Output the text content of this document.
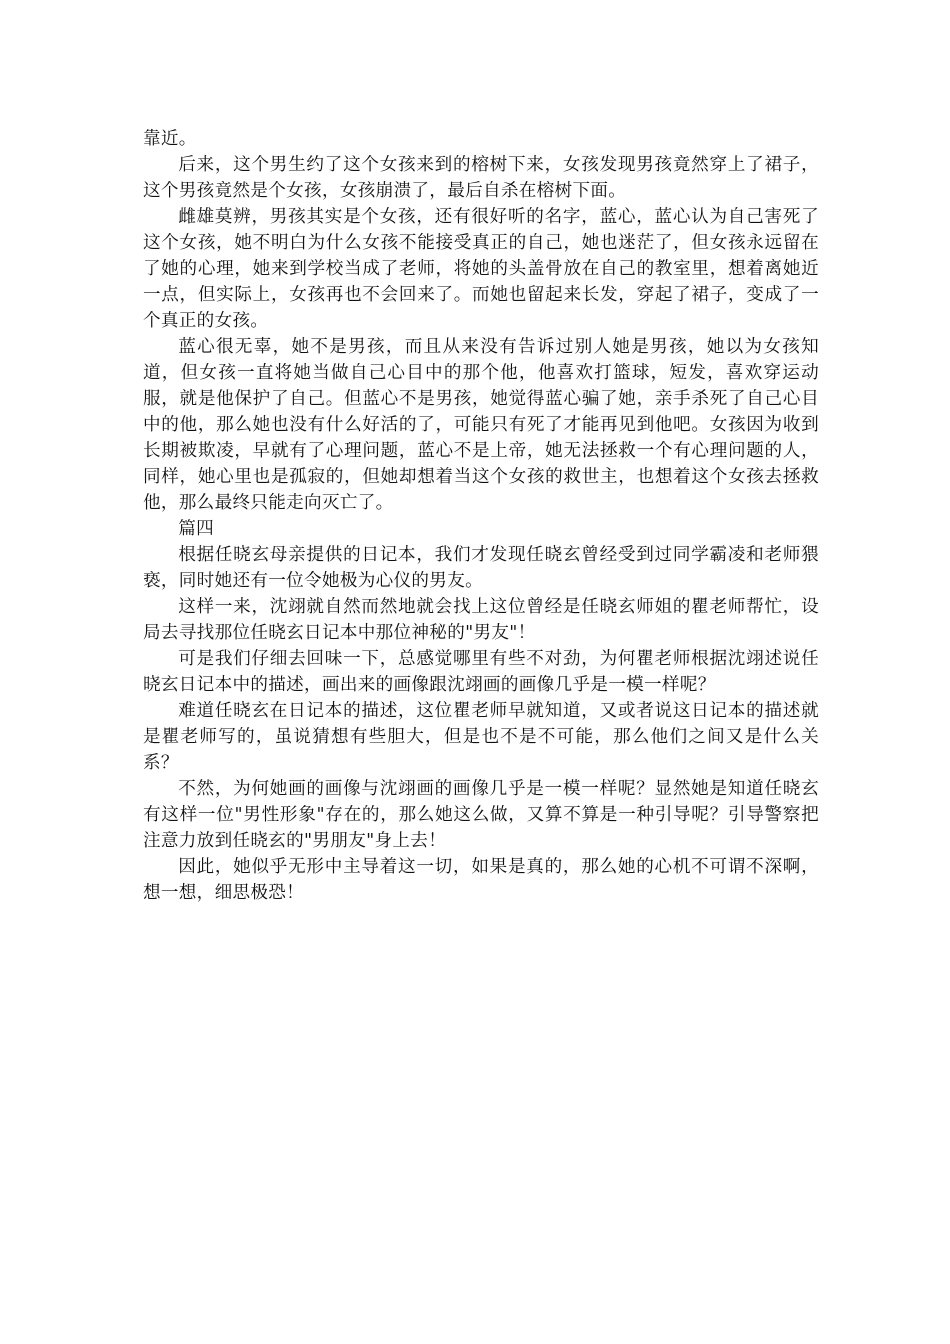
靠近。

后来，这个男生约了这个女孩来到的榕树下来，女孩发现男孩竟然穿上了裙子，这个男孩竟然是个女孩，女孩崩溃了，最后自杀在榕树下面。

雌雄莫辨，男孩其实是个女孩，还有很好听的名字，蓝心，蓝心认为自己害死了这个女孩，她不明白为什么女孩不能接受真正的自己，她也迷茫了，但女孩永远留在了她的心理，她来到学校当成了老师，将她的头盖骨放在自己的教室里，想着离她近一点，但实际上，女孩再也不会回来了。而她也留起来长发，穿起了裙子，变成了一个真正的女孩。

蓝心很无辜，她不是男孩，而且从来没有告诉过别人她是男孩，她以为女孩知道，但女孩一直将她当做自己心目中的那个他，他喜欢打篮球，短发，喜欢穿运动服，就是他保护了自己。但蓝心不是男孩，她觉得蓝心骗了她，亲手杀死了自己心目中的他，那么她也没有什么好活的了，可能只有死了才能再见到他吧。女孩因为收到长期被欺凌，早就有了心理问题，蓝心不是上帝，她无法拯救一个有心理问题的人，同样，她心里也是孤寂的，但她却想着当这个女孩的救世主，也想着这个女孩去拯救他，那么最终只能走向灭亡了。

篇四

根据任晓玄母亲提供的日记本，我们才发现任晓玄曾经受到过同学霸凌和老师猥亵，同时她还有一位令她极为心仪的男友。

这样一来，沈翊就自然而然地就会找上这位曾经是任晓玄师姐的瞿老师帮忙，设局去寻找那位任晓玄日记本中那位神秘的"男友"！

可是我们仔细去回味一下，总感觉哪里有些不对劲，为何瞿老师根据沈翊述说任晓玄日记本中的描述，画出来的画像跟沈翊画的画像几乎是一模一样呢？

难道任晓玄在日记本的描述，这位瞿老师早就知道，又或者说这日记本的描述就是瞿老师写的，虽说猜想有些胆大，但是也不是不可能，那么他们之间又是什么关系？

不然，为何她画的画像与沈翊画的画像几乎是一模一样呢？显然她是知道任晓玄有这样一位"男性形象"存在的，那么她这么做，又算不算是一种引导呢？引导警察把注意力放到任晓玄的"男朋友"身上去！

因此，她似乎无形中主导着这一切，如果是真的，那么她的心机不可谓不深啊，想一想，细思极恐！
